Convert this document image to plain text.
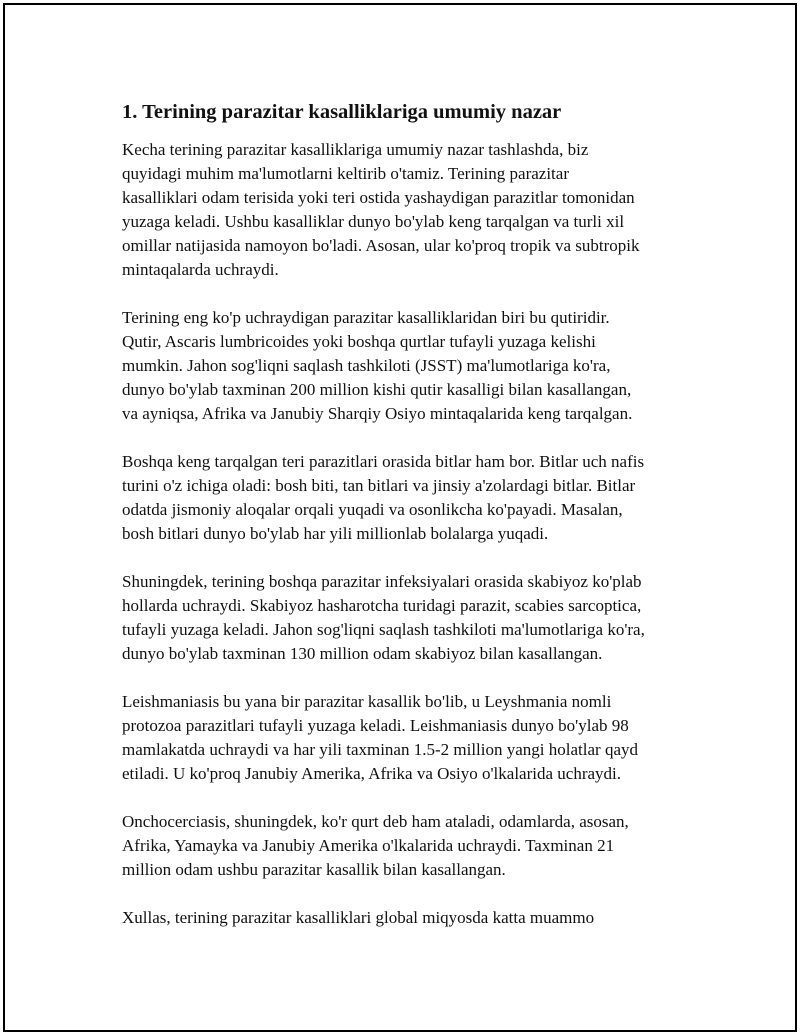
1. Terining parazitar kasalliklariga umumiy nazar

Kecha terining parazitar kasalliklariga umumiy nazar tashlashda, biz
quyidagi muhim ma'lumotlarni keltirib o'tamiz. Terining parazitar
kasalliklari odam terisida yoki teri ostida yashaydigan parazitlar tomonidan
yuzaga keladi. Ushbu kasalliklar dunyo bo'ylab keng tarqalgan va turli xil
omillar natijasida namoyon bo'ladi. Asosan, ular ko'proq tropik va subtropik
mintaqalarda uchraydi.

Terining eng ko'p uchraydigan parazitar kasalliklaridan biri bu qutiridir.
Qutir, Ascaris lumbricoides yoki boshqa qurtlar tufayli yuzaga kelishi
mumkin. Jahon sog'liqni saqlash tashkiloti (JSST) ma'lumotlariga ko'ra,
dunyo bo'ylab taxminan 200 million kishi qutir kasalligi bilan kasallangan,
va ayniqsa, Afrika va Janubiy Sharqiy Osiyo mintaqalarida keng tarqalgan.

Boshqa keng tarqalgan teri parazitlari orasida bitlar ham bor. Bitlar uch nafis
turini o'z ichiga oladi: bosh biti, tan bitlari va jinsiy a'zolardagi bitlar. Bitlar
odatda jismoniy aloqalar orqali yuqadi va osonlikcha ko'payadi. Masalan,
bosh bitlari dunyo bo'ylab har yili millionlab bolalarga yuqadi.

Shuningdek, terining boshqa parazitar infeksiyalari orasida skabiyoz ko'plab
hollarda uchraydi. Skabiyoz hasharotcha turidagi parazit, scabies sarcoptica,
tufayli yuzaga keladi. Jahon sog'liqni saqlash tashkiloti ma'lumotlariga ko'ra,
dunyo bo'ylab taxminan 130 million odam skabiyoz bilan kasallangan.

Leishmaniasis bu yana bir parazitar kasallik bo'lib, u Leyshmania nomli
protozoa parazitlari tufayli yuzaga keladi. Leishmaniasis dunyo bo'ylab 98
mamlakatda uchraydi va har yili taxminan 1.5-2 million yangi holatlar qayd
etiladi. U ko'proq Janubiy Amerika, Afrika va Osiyo o'lkalarida uchraydi.

Onchocerciasis, shuningdek, ko'r qurt deb ham ataladi, odamlarda, asosan,
Afrika, Yamayka va Janubiy Amerika o'lkalarida uchraydi. Taxminan 21
million odam ushbu parazitar kasallik bilan kasallangan.

Xullas, terining parazitar kasalliklari global miqyosda katta muammo
